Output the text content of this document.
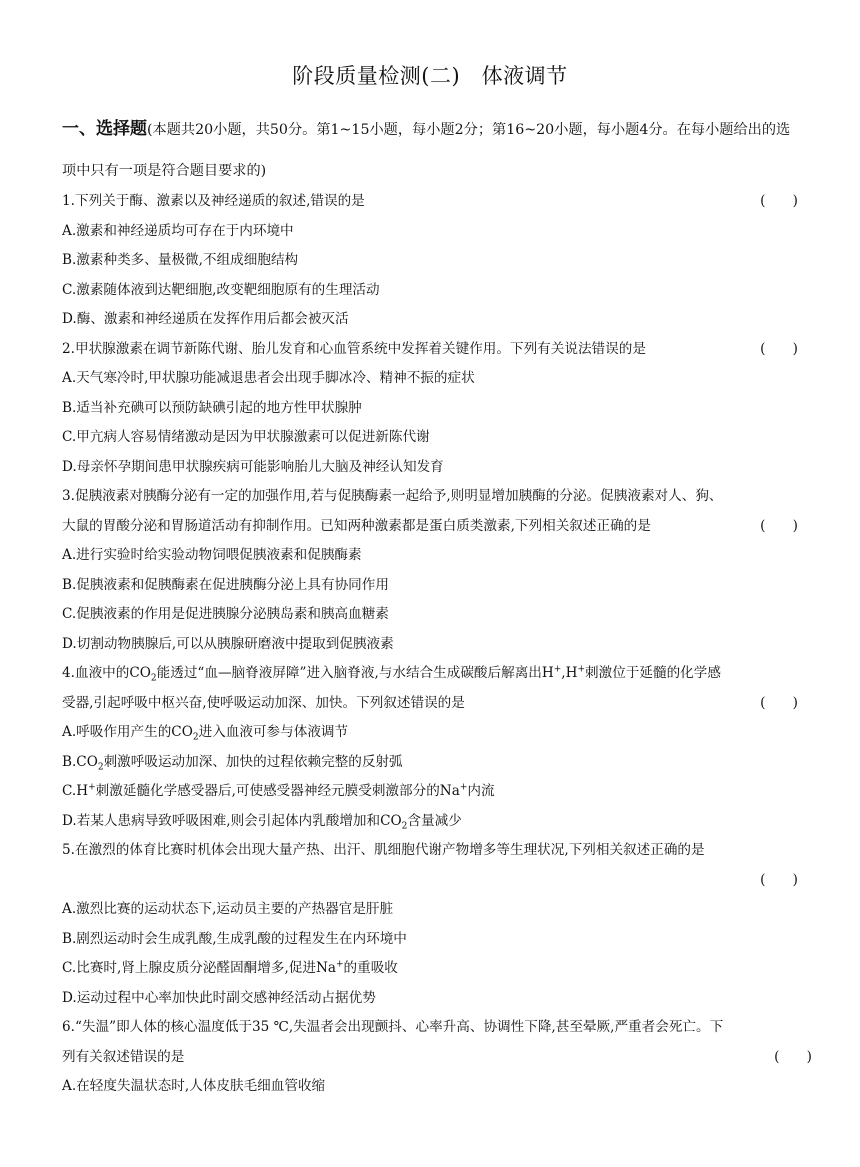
阶段质量检测(二)　体液调节
一、选择题(本题共20小题，共50分。第1~15小题，每小题2分；第16~20小题，每小题4分。在每小题给出的选项中只有一项是符合题目要求的)
1.下列关于酶、激素以及神经递质的叙述,错误的是	(　　)
A.激素和神经递质均可存在于内环境中
B.激素种类多、量极微,不组成细胞结构
C.激素随体液到达靶细胞,改变靶细胞原有的生理活动
D.酶、激素和神经递质在发挥作用后都会被灭活
2.甲状腺激素在调节新陈代谢、胎儿发育和心血管系统中发挥着关键作用。下列有关说法错误的是	(　　)
A.天气寒冷时,甲状腺功能减退患者会出现手脚冰冷、精神不振的症状
B.适当补充碘可以预防缺碘引起的地方性甲状腺肿
C.甲亢病人容易情绪激动是因为甲状腺激素可以促进新陈代谢
D.母亲怀孕期间患甲状腺疾病可能影响胎儿大脑及神经认知发育
3.促胰液素对胰酶分泌有一定的加强作用,若与促胰酶素一起给予,则明显增加胰酶的分泌。促胰液素对人、狗、
大鼠的胃酸分泌和胃肠道活动有抑制作用。已知两种激素都是蛋白质类激素,下列相关叙述正确的是	(　　)
A.进行实验时给实验动物饲喂促胰液素和促胰酶素
B.促胰液素和促胰酶素在促进胰酶分泌上具有协同作用
C.促胰液素的作用是促进胰腺分泌胰岛素和胰高血糖素
D.切割动物胰腺后,可以从胰腺研磨液中提取到促胰液素
4.血液中的$CO_2$能透过“血—脑脊液屏障”进入脑脊液,与水结合生成碳酸后解离出H+,H+刺激位于延髓的化学感
受器,引起呼吸中枢兴奋,使呼吸运动加深、加快。下列叙述错误的是	(　　)
A.呼吸作用产生的$CO_2$进入血液可参与体液调节
$B.CO_2$刺激呼吸运动加深、加快的过程依赖完整的反射弧
C.H+刺激延髓化学感受器后,可使感受器神经元膜受刺激部分的Na+内流
D.若某人患病导致呼吸困难,则会引起体内乳酸增加和$CO_2$含量减少
5.在激烈的体育比赛时机体会出现大量产热、出汗、肌细胞代谢产物增多等生理状况,下列相关叙述正确的是
(　　)
A.激烈比赛的运动状态下,运动员主要的产热器官是肝脏
B.剧烈运动时会生成乳酸,生成乳酸的过程发生在内环境中
C.比赛时,肾上腺皮质分泌醛固酮增多,促进Na+的重吸收
D.运动过程中心率加快此时副交感神经活动占据优势
6.“失温”即人体的核心温度低于35 ℃,失温者会出现颤抖、心率升高、协调性下降,甚至晕厥,严重者会死亡。下
列有关叙述错误的是	(　　)
A.在轻度失温状态时,人体皮肤毛细血管收缩
